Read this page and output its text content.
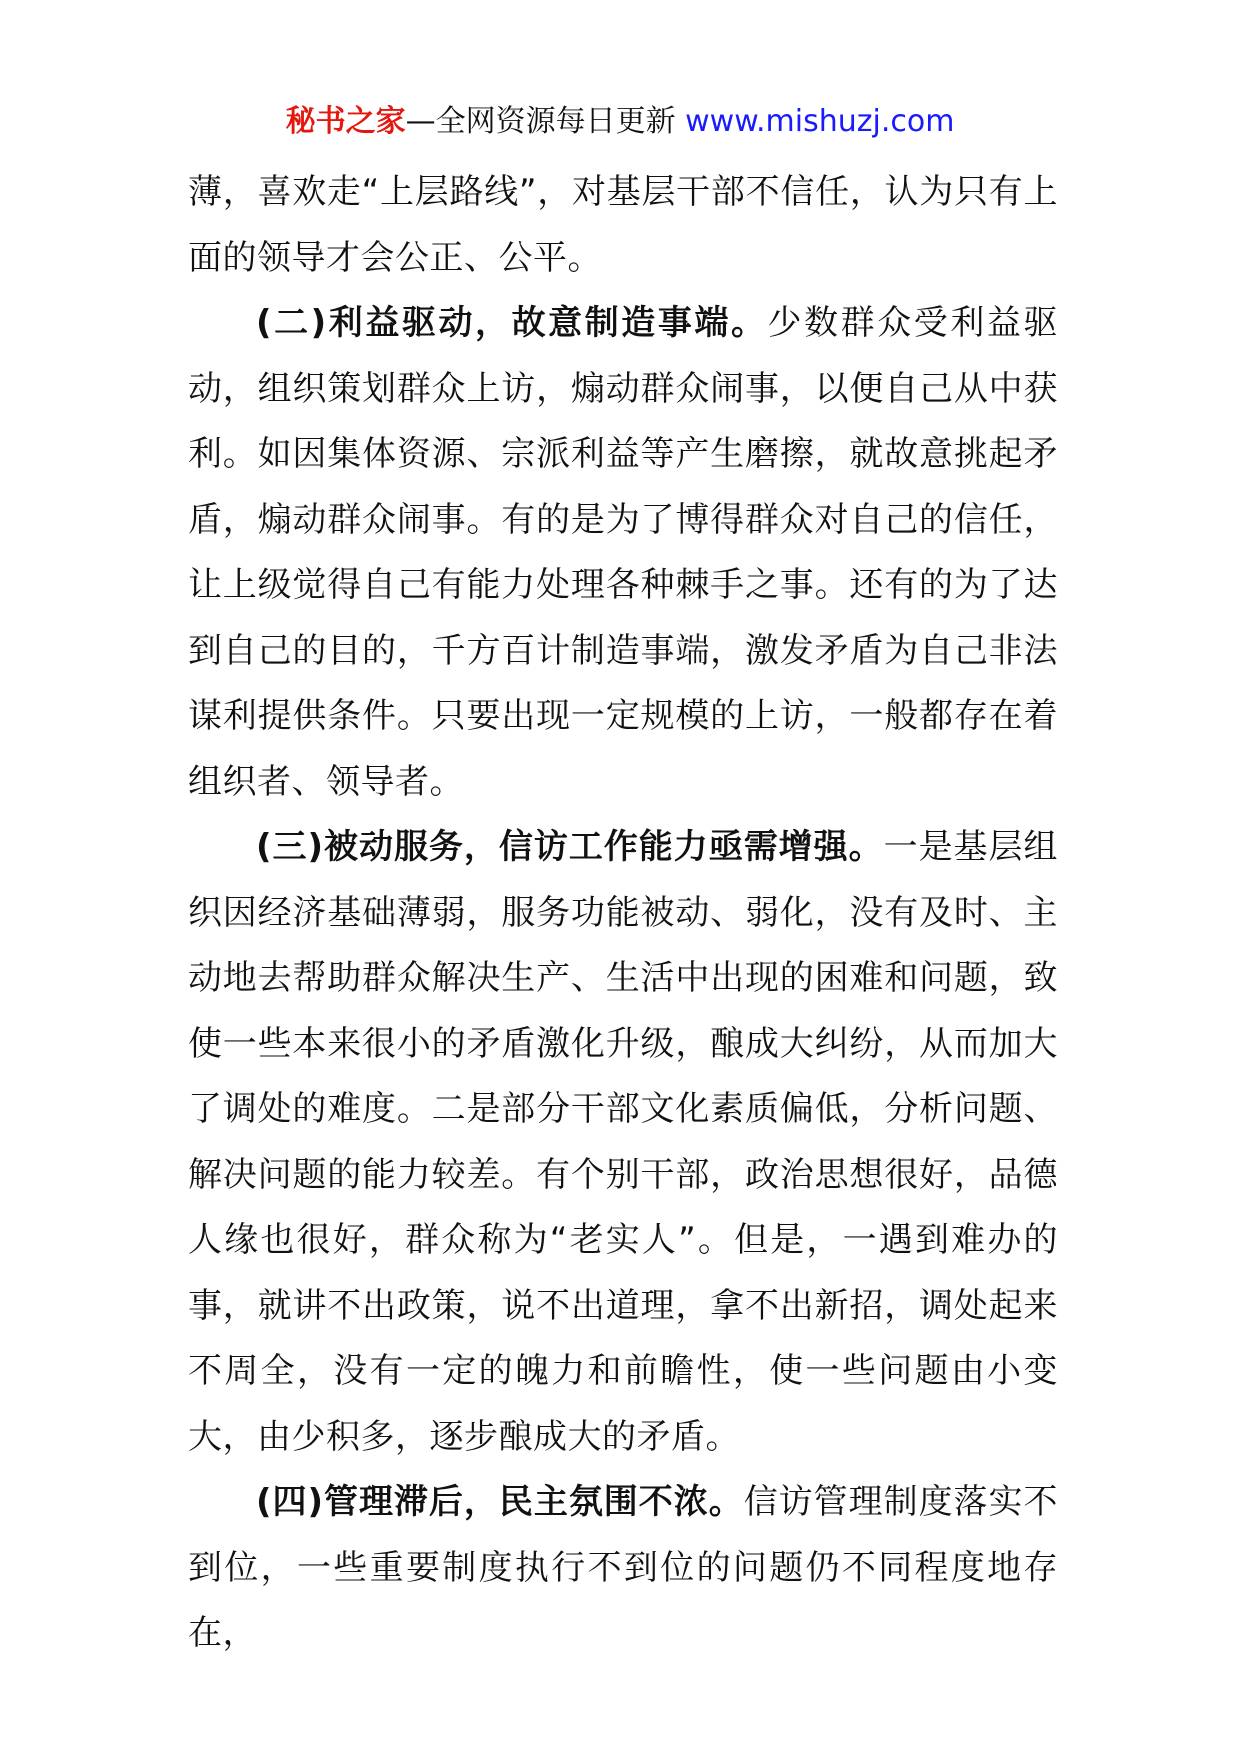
秘书之家—全网资源每日更新 www.mishuzj.com

薄，喜欢走“上层路线”，对基层干部不信任，认为只有上面的领导才会公正、公平。

(二)利益驱动，故意制造事端。少数群众受利益驱动，组织策划群众上访，煽动群众闹事，以便自己从中获利。如因集体资源、宗派利益等产生磨擦，就故意挑起矛盾，煽动群众闹事。有的是为了博得群众对自己的信任，让上级觉得自己有能力处理各种棘手之事。还有的为了达到自己的目的，千方百计制造事端，激发矛盾为自己非法谋利提供条件。只要出现一定规模的上访，一般都存在着组织者、领导者。

(三)被动服务，信访工作能力亟需增强。一是基层组织因经济基础薄弱，服务功能被动、弱化，没有及时、主动地去帮助群众解决生产、生活中出现的困难和问题，致使一些本来很小的矛盾激化升级，酿成大纠纷，从而加大了调处的难度。二是部分干部文化素质偏低，分析问题、解决问题的能力较差。有个别干部，政治思想很好，品德人缘也很好，群众称为“老实人”。但是，一遇到难办的事，就讲不出政策，说不出道理，拿不出新招，调处起来不周全，没有一定的魄力和前瞻性，使一些问题由小变大，由少积多，逐步酿成大的矛盾。

(四)管理滞后，民主氛围不浓。信访管理制度落实不到位，一些重要制度执行不到位的问题仍不同程度地存在，
